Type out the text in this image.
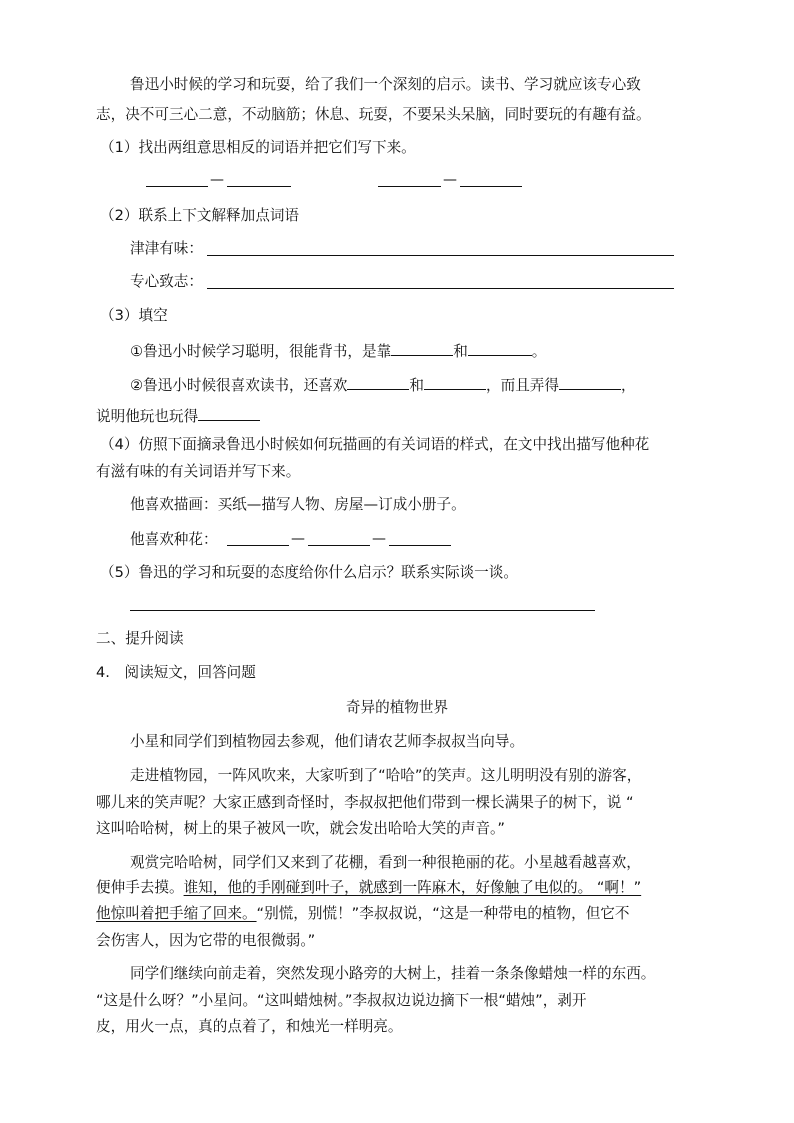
鲁迅小时候的学习和玩耍，给了我们一个深刻的启示。读书、学习就应该专心致
志，决不可三心二意，不动脑筋；休息、玩耍，不要呆头呆脑，同时要玩的有趣有益。
（1）找出两组意思相反的词语并把它们写下来。
—	—
（2）联系上下文解释加点词语
津津有味：
专心致志：
（3）填空
①鲁迅小时候学习聪明，很能背书，是靠	和	。
②鲁迅小时候很喜欢读书，还喜欢	和	，而且弄得	，
说明他玩也玩得
（4）仿照下面摘录鲁迅小时候如何玩描画的有关词语的样式，在文中找出描写他种花
有滋有味的有关词语并写下来。
他喜欢描画：买纸—描写人物、房屋—订成小册子。
他喜欢种花：	—	—
（5）鲁迅的学习和玩耍的态度给你什么启示？联系实际谈一谈。
二、提升阅读
4.　阅读短文，回答问题
奇异的植物世界
小星和同学们到植物园去参观，他们请农艺师李叔叔当向导。
走进植物园，一阵风吹来，大家听到了“哈哈”的笑声。这儿明明没有别的游客，
哪儿来的笑声呢？大家正感到奇怪时，李叔叔把他们带到一棵长满果子的树下，说 “
这叫哈哈树，树上的果子被风一吹，就会发出哈哈大笑的声音。”
观赏完哈哈树，同学们又来到了花棚，看到一种很艳丽的花。小星越看越喜欢，
便伸手去摸。谁知，他的手刚碰到叶子，就感到一阵麻木，好像触了电似的。 “啊！”
他惊叫着把手缩了回来。“别慌，别慌！”李叔叔说，“这是一种带电的植物，但它不
会伤害人，因为它带的电很微弱。”
同学们继续向前走着，突然发现小路旁的大树上，挂着一条条像蜡烛一样的东西。
“这是什么呀？”小星问。“这叫蜡烛树。”李叔叔边说边摘下一根“蜡烛”，剥开
皮，用火一点，真的点着了，和烛光一样明亮。
